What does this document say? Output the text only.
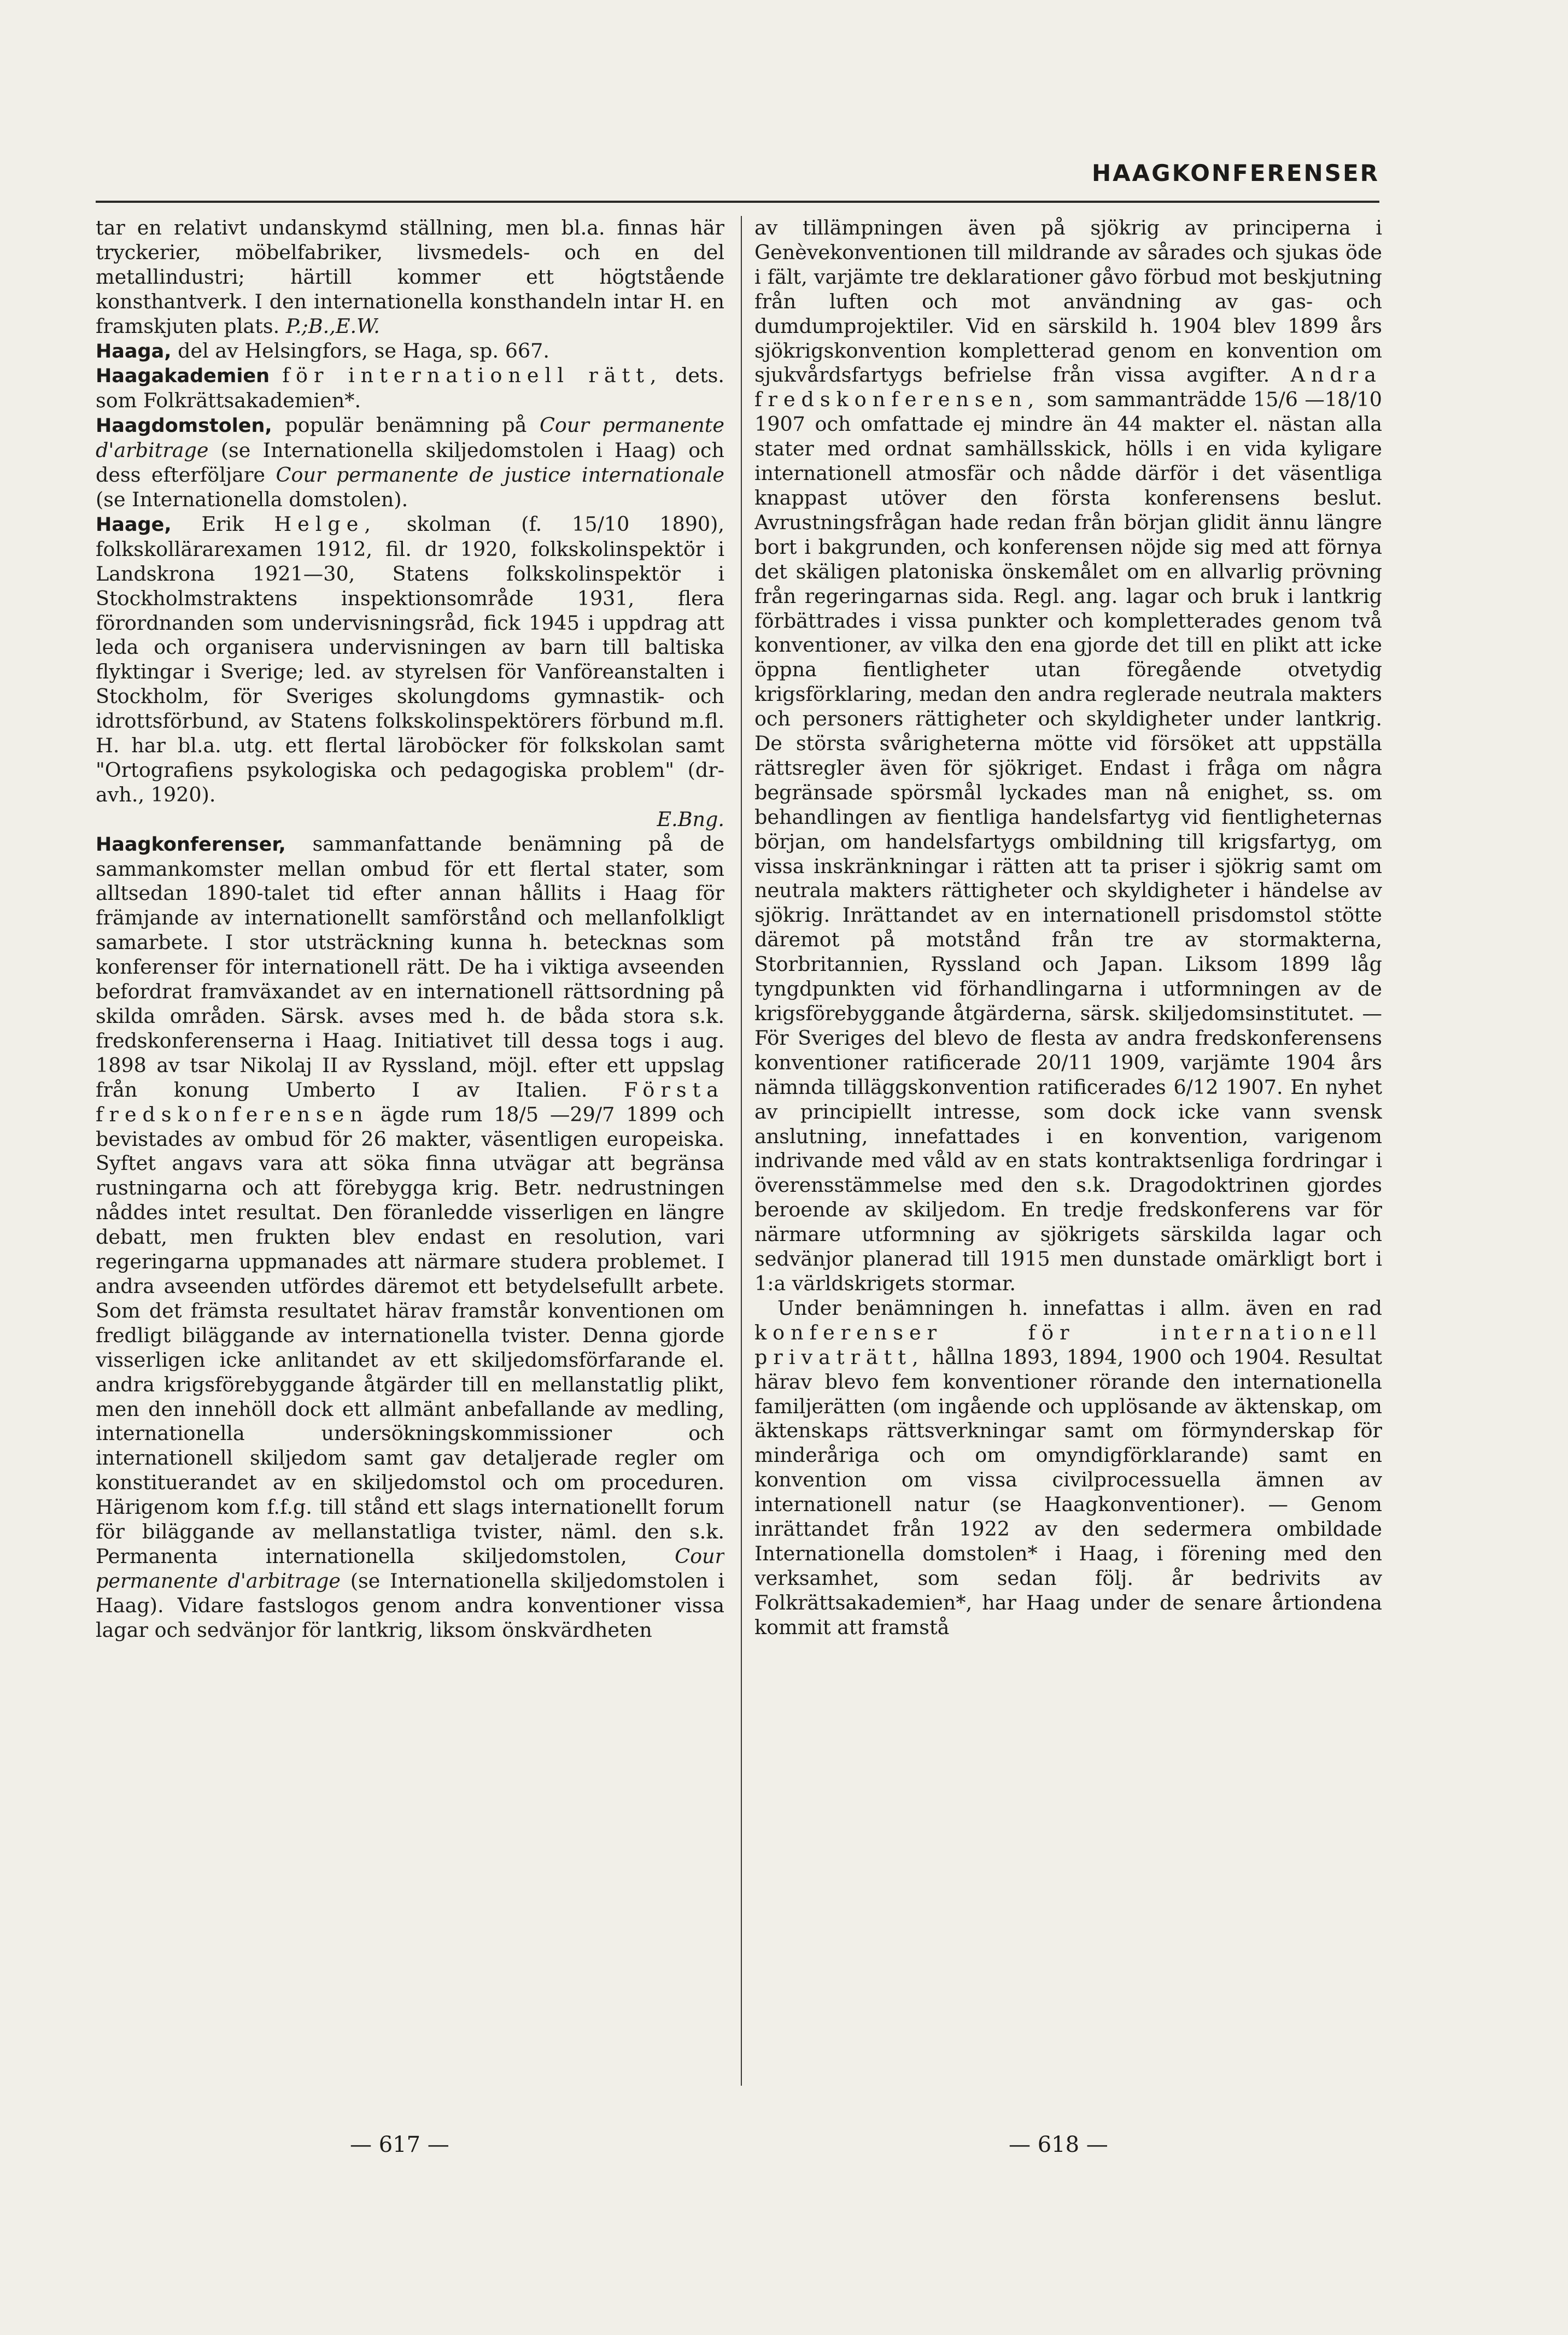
HAAGKONFERENSER

tar en relativt undanskymd ställning, men bl.a. finnas här tryckerier, möbelfabriker, livsmedels- och en del metallindustri; härtill kommer ett högtstående konsthantverk. I den internationella konsthandeln intar H. en framskjuten plats. P.;B.,E.W.

Haaga, del av Helsingfors, se Haga, sp. 667.

Haagakademien för internationell rätt, dets. som Folkrättsakademien*.

Haagdomstolen, populär benämning på Cour permanente d'arbitrage (se Internationella skiljedomstolen i Haag) och dess efterföljare Cour permanente de justice internationale (se Internationella domstolen).

Haage, Erik Helge, skolman (f. 15/10 1890), folkskollärarexamen 1912, fil. dr 1920, folkskolinspektör i Landskrona 1921—30, Statens folkskolinspektör i Stockholmstraktens inspektionsområde 1931, flera förordnanden som undervisningsråd, fick 1945 i uppdrag att leda och organisera undervisningen av barn till baltiska flyktingar i Sverige; led. av styrelsen för Vanföreanstalten i Stockholm, för Sveriges skolungdoms gymnastik- och idrottsförbund, av Statens folkskolinspektörers förbund m.fl. H. har bl.a. utg. ett flertal läroböcker för folkskolan samt "Ortografiens psykologiska och pedagogiska problem" (dr-avh., 1920).
E.Bng.

Haagkonferenser, sammanfattande benämning på de sammankomster mellan ombud för ett flertal stater, som alltsedan 1890-talet tid efter annan hållits i Haag för främjande av internationellt samförstånd och mellanfolkligt samarbete. I stor utsträckning kunna h. betecknas som konferenser för internationell rätt. De ha i viktiga avseenden befordrat framväxandet av en internationell rättsordning på skilda områden. Särsk. avses med h. de båda stora s.k. fredskonferenserna i Haag. Initiativet till dessa togs i aug. 1898 av tsar Nikolaj II av Ryssland, möjl. efter ett uppslag från konung Umberto I av Italien. Första fredskonferensen ägde rum 18/5 —29/7 1899 och bevistades av ombud för 26 makter, väsentligen europeiska. Syftet angavs vara att söka finna utvägar att begränsa rustningarna och att förebygga krig. Betr. nedrustningen nåddes intet resultat. Den föranledde visserligen en längre debatt, men frukten blev endast en resolution, vari regeringarna uppmanades att närmare studera problemet. I andra avseenden utfördes däremot ett betydelsefullt arbete. Som det främsta resultatet härav framstår konventionen om fredligt biläggande av internationella tvister. Denna gjorde visserligen icke anlitandet av ett skiljedomsförfarande el. andra krigsförebyggande åtgärder till en mellanstatlig plikt, men den innehöll dock ett allmänt anbefallande av medling, internationella undersökningskommissioner och internationell skiljedom samt gav detaljerade regler om konstituerandet av en skiljedomstol och om proceduren. Härigenom kom f.f.g. till stånd ett slags internationellt forum för biläggande av mellanstatliga tvister, näml. den s.k. Permanenta internationella skiljedomstolen, Cour permanente d'arbitrage (se Internationella skiljedomstolen i Haag). Vidare fastslogos genom andra konventioner vissa lagar och sedvänjor för lantkrig, liksom önskvärdheten

av tillämpningen även på sjökrig av principerna i Genèvekonventionen till mildrande av sårades och sjukas öde i fält, varjämte tre deklarationer gåvo förbud mot beskjutning från luften och mot användning av gas- och dumdumprojektiler. Vid en särskild h. 1904 blev 1899 års sjökrigskonvention kompletterad genom en konvention om sjukvårdsfartygs befrielse från vissa avgifter. Andra fredskonferensen, som sammanträdde 15/6 —18/10 1907 och omfattade ej mindre än 44 makter el. nästan alla stater med ordnat samhällsskick, hölls i en vida kyligare internationell atmosfär och nådde därför i det väsentliga knappast utöver den första konferensens beslut. Avrustningsfrågan hade redan från början glidit ännu längre bort i bakgrunden, och konferensen nöjde sig med att förnya det skäligen platoniska önskemålet om en allvarlig prövning från regeringarnas sida. Regl. ang. lagar och bruk i lantkrig förbättrades i vissa punkter och kompletterades genom två konventioner, av vilka den ena gjorde det till en plikt att icke öppna fientligheter utan föregående otvetydig krigsförklaring, medan den andra reglerade neutrala makters och personers rättigheter och skyldigheter under lantkrig. De största svårigheterna mötte vid försöket att uppställa rättsregler även för sjökriget. Endast i fråga om några begränsade spörsmål lyckades man nå enighet, ss. om behandlingen av fientliga handelsfartyg vid fientligheternas början, om handelsfartygs ombildning till krigsfartyg, om vissa inskränkningar i rätten att ta priser i sjökrig samt om neutrala makters rättigheter och skyldigheter i händelse av sjökrig. Inrättandet av en internationell prisdomstol stötte däremot på motstånd från tre av stormakterna, Storbritannien, Ryssland och Japan. Liksom 1899 låg tyngdpunkten vid förhandlingarna i utformningen av de krigsförebyggande åtgärderna, särsk. skiljedomsinstitutet. — För Sveriges del blevo de flesta av andra fredskonferensens konventioner ratificerade 20/11 1909, varjämte 1904 års nämnda tilläggskonvention ratificerades 6/12 1907. En nyhet av principiellt intresse, som dock icke vann svensk anslutning, innefattades i en konvention, varigenom indrivande med våld av en stats kontraktsenliga fordringar i överensstämmelse med den s.k. Dragodoktrinen gjordes beroende av skiljedom. En tredje fredskonferens var för närmare utformning av sjökrigets särskilda lagar och sedvänjor planerad till 1915 men dunstade omärkligt bort i 1:a världskrigets stormar.

Under benämningen h. innefattas i allm. även en rad konferenser för internationell privaträtt, hållna 1893, 1894, 1900 och 1904. Resultat härav blevo fem konventioner rörande den internationella familjerätten (om ingående och upplösande av äktenskap, om äktenskaps rättsverkningar samt om förmynderskap för minderåriga och om omyndigförklarande) samt en konvention om vissa civilprocessuella ämnen av internationell natur (se Haagkonventioner). — Genom inrättandet från 1922 av den sedermera ombildade Internationella domstolen* i Haag, i förening med den verksamhet, som sedan följ. år bedrivits av Folkrättsakademien*, har Haag under de senare årtiondena kommit att framstå

— 617 —	— 618 —
